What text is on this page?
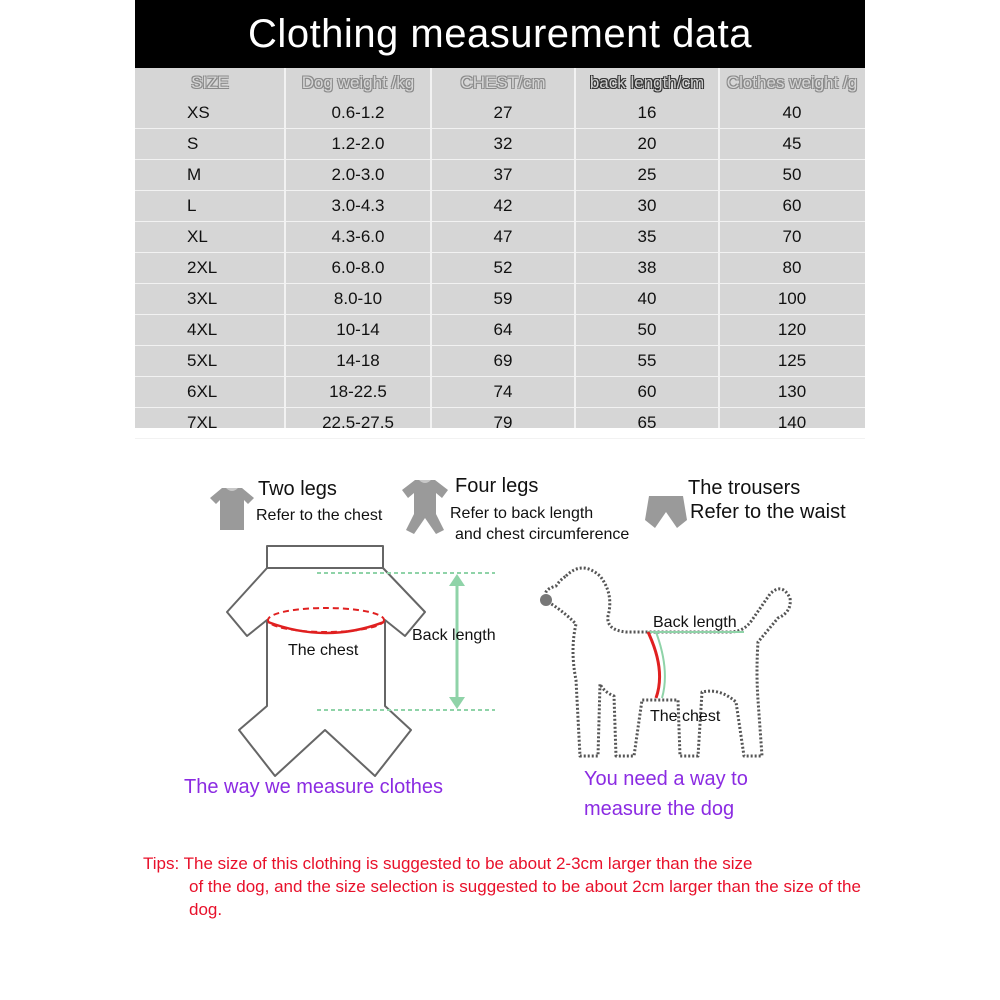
Clothing measurement data
SIZE	Dog weight /kg	CHEST/cm	back length/cm	Clothes weight /g
XS	0.6-1.2	27	16	40
S	1.2-2.0	32	20	45
M	2.0-3.0	37	25	50
L	3.0-4.3	42	30	60
XL	4.3-6.0	47	35	70
2XL	6.0-8.0	52	38	80
3XL	8.0-10	59	40	100
4XL	10-14	64	50	120
5XL	14-18	69	55	125
6XL	18-22.5	74	60	130
7XL	22.5-27.5	79	65	140
Two legs
Refer to the chest
Four legs
Refer to back length
and chest circumference
The trousers
Refer to the waist
The chest
Back length
The way we measure clothes
Back length
The chest
You need a way to
measure the dog
Tips: The size of this clothing is suggested to be about 2-3cm larger than the size
of the dog, and the size selection is suggested to be about 2cm larger than the size of the dog.
